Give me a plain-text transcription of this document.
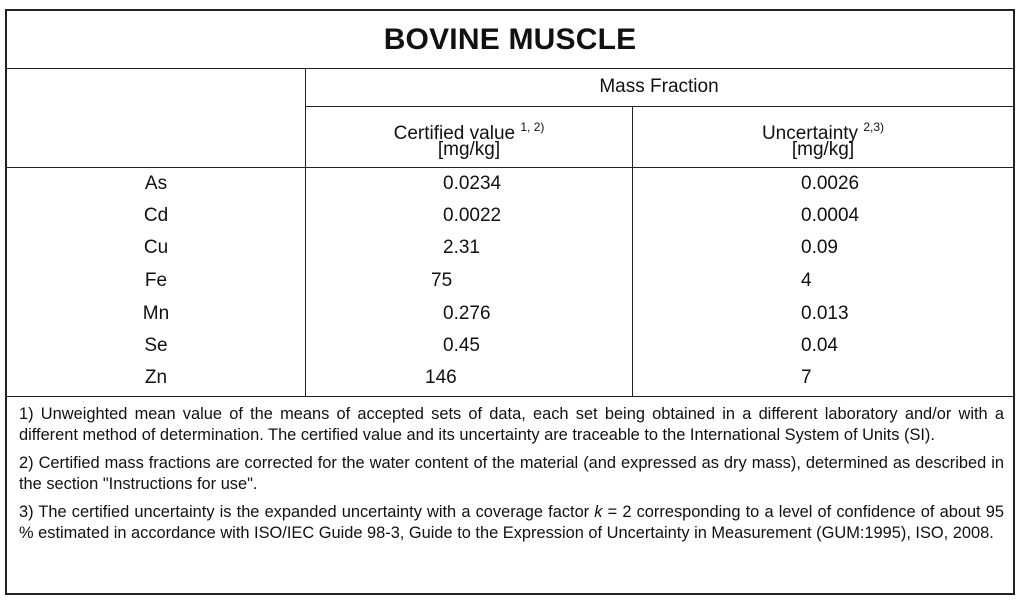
BOVINE MUSCLE
Mass Fraction
Certified value $^{1, 2)}$
[mg/kg]
Uncertainty $^{2,3)}$
[mg/kg]
As	0.0234	0.0026
Cd	0.0022	0.0004
Cu	2.31	0.09
Fe	75	4
Mn	0.276	0.013
Se	0.45	0.04
Zn	146	7
1) Unweighted mean value of the means of accepted sets of data, each set being obtained in a different laboratory and/or with a different method of determination. The certified value and its uncertainty are traceable to the International System of Units (SI).
2) Certified mass fractions are corrected for the water content of the material (and expressed as dry mass), determined as described in the section "Instructions for use".
3) The certified uncertainty is the expanded uncertainty with a coverage factor k = 2 corresponding to a level of confidence of about 95 % estimated in accordance with ISO/IEC Guide 98-3, Guide to the Expression of Uncertainty in Measurement (GUM:1995), ISO, 2008.
